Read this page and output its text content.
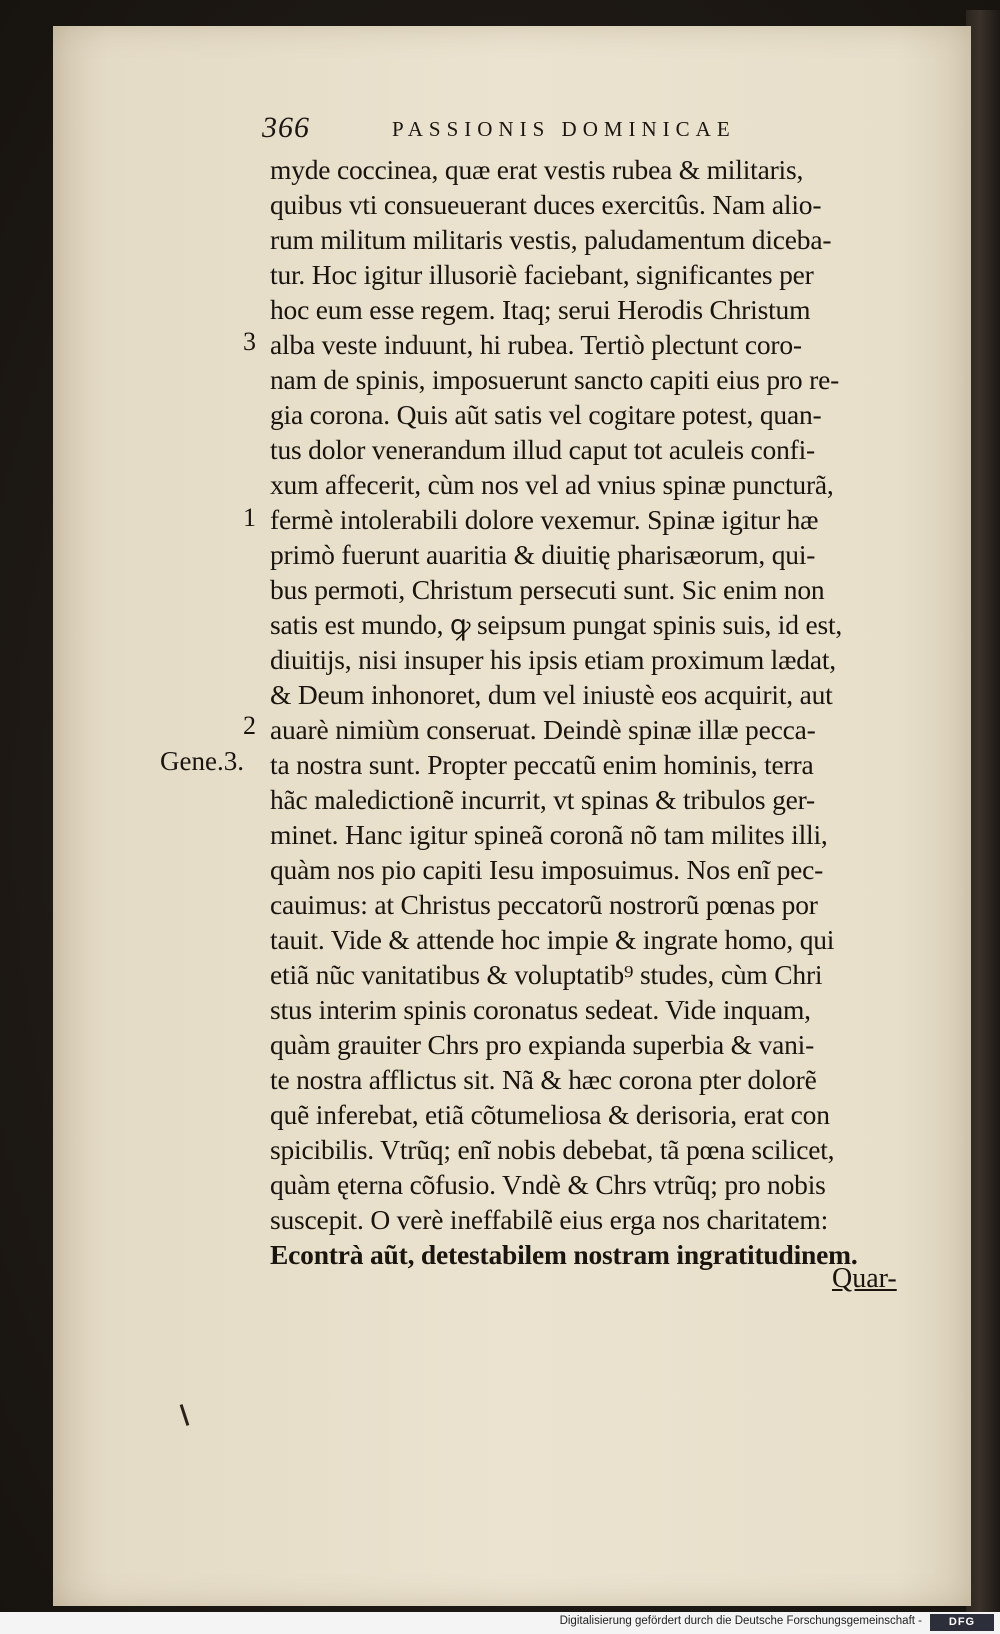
366	PASSIONIS DOMINICAE
3
1
2
Gene.3.
myde coccinea, quæ erat vestis rubea & militaris,
quibus vti consueuerant duces exercitûs. Nam alio-
rum militum militaris vestis, paludamentum diceba-
tur. Hoc igitur illusoriè faciebant, significantes per
hoc eum esse regem. Itaq; serui Herodis Christum
alba veste induunt, hi rubea. Tertiò plectunt coro-
nam de spinis, imposuerunt sancto capiti eius pro re-
gia corona. Quis aũt satis vel cogitare potest, quan-
tus dolor venerandum illud caput tot aculeis confi-
xum affecerit, cùm nos vel ad vnius spinæ puncturã,
fermè intolerabili dolore vexemur. Spinæ igitur hæ
primò fuerunt auaritia & diuitię pharisæorum, qui-
bus permoti, Christum persecuti sunt. Sic enim non
satis est mundo, ꝙ seipsum pungat spinis suis, id est,
diuitijs, nisi insuper his ipsis etiam proximum lædat,
& Deum inhonoret, dum vel iniustè eos acquirit, aut
auarè nimiùm conseruat. Deindè spinæ illæ pecca-
ta nostra sunt. Propter peccatũ enim hominis, terra
hãc maledictionẽ incurrit, vt spinas & tribulos ger-
minet. Hanc igitur spineã coronã nõ tam milites illi,
quàm nos pio capiti Iesu imposuimus. Nos enĩ pec-
cauimus: at Christus peccatorũ nostrorũ pœnas por
tauit. Vide & attende hoc impie & ingrate homo, qui
etiã nũc vanitatibus & voluptatib⁹ studes, cùm Chri
stus interim spinis coronatus sedeat. Vide inquam,
quàm grauiter Chrs pro expianda superbia & vani-
te nostra afflictus sit. Nã & hæc corona pter dolorẽ
quẽ inferebat, etiã cõtumeliosa & derisoria, erat con
spicibilis. Vtrũq; enĩ nobis debebat, tã pœna scilicet,
quàm ęterna cõfusio. Vndè & Chrs vtrũq; pro nobis
suscepit. O verè ineffabilẽ eius erga nos charitatem:
Econtrà aũt, detestabilem nostram ingratitudinem.
Quar-
Digitalisierung gefördert durch die Deutsche Forschungsgemeinschaft -	DFG
